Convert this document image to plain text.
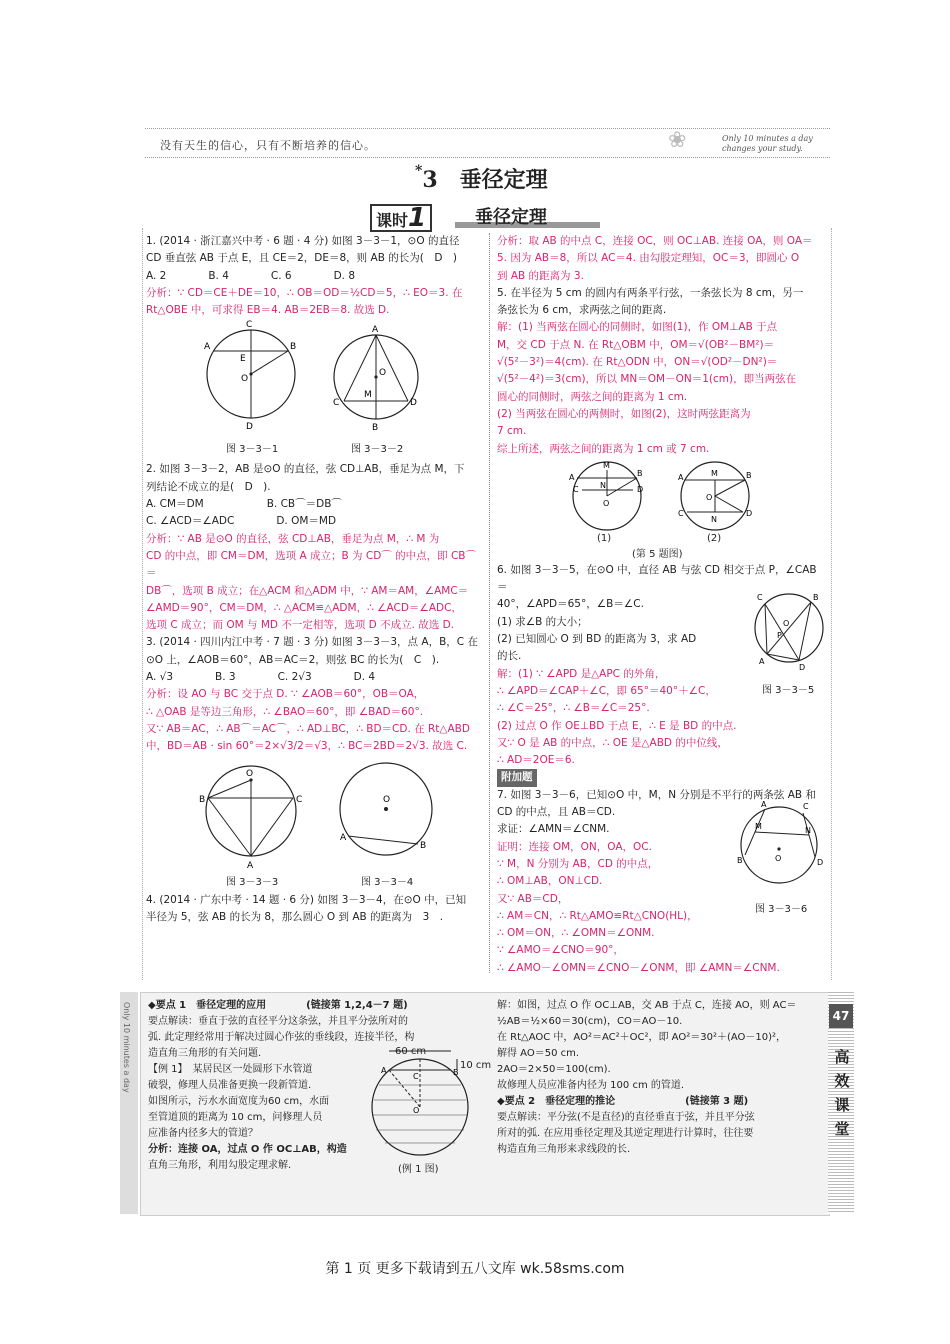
没有天生的信心，只有不断培养的信心。	❀	Only 10 minutes a day
changes your study.
*3　 垂径定理
课时1	垂径定理

1. (2014 · 浙江嘉兴中考 · 6 题 · 4 分) 如图 3－3－1，⊙O 的直径

CD 垂直弦 AB 于点 E，且 CE＝2，DE＝8，则 AB 的长为(　D　)

A. 2　　　　B. 4　　　　C. 6　　　　D. 8

分析：∵ CD＝CE＋DE＝10，∴ OB＝OD＝½CD＝5，∴ EO＝3. 在

Rt△OBE 中，可求得 EB＝4. AB＝2EB＝8. 故选 D.

C
D
A	B
E
O
A
B
C	D
M
O
图 3－3－1	图 3－3－2

2. 如图 3－3－2，AB 是⊙O 的直径，弦 CD⊥AB，垂足为点 M，下

列结论不成立的是(　D　).

A. CM＝DM　　　　　　B. CB⌒＝DB⌒

C. ∠ACD＝∠ADC　　　　D. OM＝MD

分析：∵ AB 是⊙O 的直径，弦 CD⊥AB，垂足为点 M，∴ M 为

CD 的中点，即 CM＝DM，选项 A 成立；B 为 CD⌒ 的中点，即 CB⌒＝

DB⌒，选项 B 成立；在△ACM 和△ADM 中，∵ AM＝AM，∠AMC＝

∠AMD＝90°，CM＝DM，∴ △ACM≌△ADM，∴ ∠ACD＝∠ADC，

选项 C 成立；而 OM 与 MD 不一定相等，选项 D 不成立. 故选 D.

3. (2014 · 四川内江中考 · 7 题 · 3 分) 如图 3－3－3，点 A，B，C 在

⊙O 上，∠AOB＝60°，AB＝AC＝2，则弦 BC 的长为(　C　).

A. √3　　　　B. 3　　　　C. 2√3　　　　D. 4

分析：设 AO 与 BC 交于点 D. ∵ ∠AOB＝60°，OB＝OA，

∴ △OAB 是等边三角形，∴ ∠BAO＝60°，即 ∠BAD＝60°.

又∵ AB＝AC，∴ AB⌒＝AC⌒，∴ AD⊥BC，∴ BD＝CD. 在 Rt△ABD

中，BD＝AB · sin 60°＝2×√3/2＝√3，∴ BC＝2BD＝2√3. 故选 C.

O
A
B	C	O
A
B
图 3－3－3	图 3－3－4

4. (2014 · 广东中考 · 14 题 · 6 分) 如图 3－3－4，在⊙O 中，已知

半径为 5，弦 AB 的长为 8，那么圆心 O 到 AB 的距离为　3　.

分析：取 AB 的中点 C，连接 OC，则 OC⊥AB. 连接 OA，则 OA＝

5. 因为 AB＝8，所以 AC＝4. 由勾股定理知，OC＝3，即圆心 O

到 AB 的距离为 3.

5. 在半径为 5 cm 的圆内有两条平行弦，一条弦长为 8 cm，另一

条弦长为 6 cm，求两弦之间的距离.

解：(1) 当两弦在圆心的同侧时，如图(1)，作 OM⊥AB 于点

M，交 CD 于点 N. 在 Rt△OBM 中，OM＝√(OB²－BM²)＝

√(5²－3²)＝4(cm). 在 Rt△ODN 中，ON＝√(OD²－DN²)＝

√(5²－4²)＝3(cm)，所以 MN＝OM－ON＝1(cm)，即当两弦在

圆心的同侧时，两弦之间的距离为 1 cm.

(2) 当两弦在圆心的两侧时，如图(2)，这时两弦距离为

7 cm.

综上所述，两弦之间的距离为 1 cm 或 7 cm.

M
A	B
C	D
N
O
A	B
M
O
C	D
N
(1)	(2)
(第 5 题图)

6. 如图 3－3－5，在⊙O 中，直径 AB 与弦 CD 相交于点 P，∠CAB＝

40°，∠APD＝65°，∠B＝∠C.

(1) 求∠B 的大小；

(2) 已知圆心 O 到 BD 的距离为 3，求 AD

的长.

解：(1) ∵ ∠APD 是△APC 的外角，

∴ ∠APD＝∠CAP＋∠C，即 65°＝40°＋∠C，

∴ ∠C＝25°，∴ ∠B＝∠C＝25°.

(2) 过点 O 作 OE⊥BD 于点 E，∴ E 是 BD 的中点.

又∵ O 是 AB 的中点，∴ OE 是△ABD 的中位线，

∴ AD＝2OE＝6.

C	B
A
D
O
P
图 3－3－5
附加题

7. 如图 3－3－6，已知⊙O 中，M，N 分别是不平行的两条弦 AB 和

CD 的中点，且 AB＝CD.

求证：∠AMN＝∠CNM.

证明：连接 OM，ON，OA，OC.

∵ M，N 分别为 AB，CD 的中点，

∴ OM⊥AB，ON⊥CD.

又∵ AB＝CD，

∴ AM＝CN，∴ Rt△AMO≌Rt△CNO(HL)，

∴ OM＝ON，∴ ∠OMN＝∠ONM.

∵ ∠AMO＝∠CNO＝90°，

∴ ∠AMO－∠OMN＝∠CNO－∠ONM，即 ∠AMN＝∠CNM.

A	C
B	D
M	N
O
图 3－3－6
Only 10 minutes a day ◆要点 1　垂径定理的应用　　　　(链接第 1,2,4－7 题)

要点解读：垂直于弦的直径平分这条弦，并且平分弦所对的

弧. 此定理经常用于解决过圆心作弦的垂线段，连接半径，构

造直角三角形的有关问题.

【例 1】　某居民区一处圆形下水管道

破裂，修理人员准备更换一段新管道.

如图所示，污水水面宽度为60 cm，水面

至管道顶的距离为 10 cm，问修理人员

应准备内径多大的管道？

分析：连接 OA，过点 O 作 OC⊥AB，构造

直角三角形，利用勾股定理求解.

A	B
C
O
60 cm
10 cm
(例 1 图)

解：如图，过点 O 作 OC⊥AB，交 AB 于点 C，连接 AO，则 AC＝

½AB＝½×60＝30(cm)，CO＝AO－10.

在 Rt△AOC 中，AO²＝AC²＋OC²，即 AO²＝30²＋(AO－10)²，

解得 AO＝50 cm.

2AO＝2×50＝100(cm).

故修理人员应准备内径为 100 cm 的管道.

◆要点 2　垂径定理的推论　　　　　　　(链接第 3 题)

要点解读：平分弦(不是直径)的直径垂直于弦，并且平分弦

所对的弧. 在应用垂径定理及其逆定理进行计算时，往往要

构造直角三角形来求线段的长.

47
高效课堂
第 1 页 更多下载请到五八文库 wk.58sms.com
